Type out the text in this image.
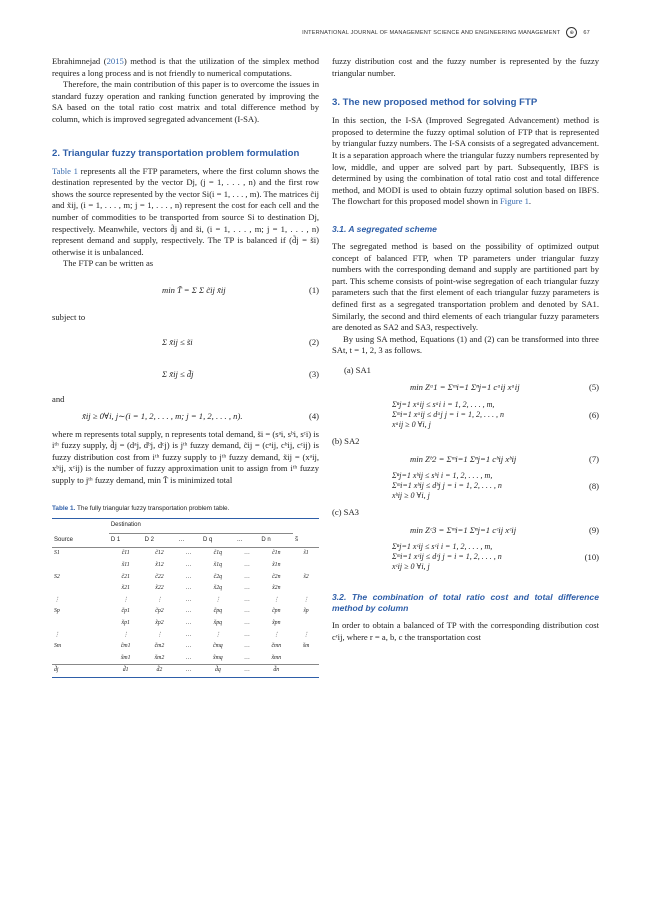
INTERNATIONAL JOURNAL OF MANAGEMENT SCIENCE AND ENGINEERING MANAGEMENT	⊕	67

Ebrahimnejad (2015) method is that the utilization of the simplex method requires a long process and is not friendly to numerical computations.

Therefore, the main contribution of this paper is to overcome the issues in standard fuzzy operation and ranking function generated by improving the SA based on the total ratio cost matrix and total difference method by column, which is improved segregated advancement (I-SA).

2. Triangular fuzzy transportation problem formulation

Table 1 represents all the FTP parameters, where the first column shows the destination represented by the vector Dj, (j = 1, . . . , n) and the first row shows the source represented by the vector Si(i = 1, . . . , m). The matrices c̃ij and x̃ij, (i = 1, . . . , m; j = 1, . . . , n) represent the cost for each cell and the number of commodities to be transported from source Si to destination Dj, respectively. Meanwhile, vectors d̃j and s̃i, (i = 1, . . . , m; j = 1, . . . , n) represent demand and supply, respectively. The TP is balanced if (d̃j = s̃i) otherwise it is unbalanced.

The FTP can be written as

min T̃ = Σ Σ c̃ij x̃ij	(1)

subject to

Σ x̃ij ≤ s̃i	(2)
Σ x̃ij ≤ d̃j	(3)

and

x̃ij ≥ 0∀i, j∼(i = 1, 2, . . . , m; j = 1, 2, . . . , n).	(4)

where m represents total supply, n represents total demand, s̃i = (sᵃi, sᵇi, sᶜi) is iᵗʰ fuzzy supply, d̃j = (dᵃj, dᵇj, dᶜj) is jᵗʰ fuzzy demand, c̃ij = (cᵃij, cᵇij, cᶜij) is fuzzy distribution cost from iᵗʰ fuzzy supply to jᵗʰ fuzzy demand, x̃ij = (xᵃij, xᵇij, xᶜij) is the number of fuzzy approximation unit to assign from iᵗʰ fuzzy supply to jᵗʰ fuzzy demand, min T̃ is minimized total

Table 1. The fully triangular fuzzy transportation problem table.
	Destination						
Source	D 1	D 2	…	D q	…	D n	s̃
S1	c̃11	c̃12	…	c̃1q	…	c̃1n	s̃1
	x̃11	x̃12	…	x̃1q	…	x̃1n	
S2	c̃21	c̃22	…	c̃2q	…	c̃2n	s̃2
	x̃21	x̃22	…	x̃2q	…	x̃2n	
⋮	⋮	⋮	…	⋮	…	⋮	⋮
Sp	c̃p1	c̃p2	…	c̃pq	…	c̃pn	s̃p
	x̃p1	x̃p2	…	x̃pq	…	x̃pn	
⋮	⋮	⋮	…	⋮	…	⋮	⋮
Sm	c̃m1	c̃m2	…	c̃mq	…	c̃mn	s̃m
	x̃m1	x̃m2	…	x̃mq	…	x̃mn	
d̃j	d̃1	d̃2	…	d̃q	…	d̃n	

fuzzy distribution cost and the fuzzy number is represented by the fuzzy triangular number.

3. The new proposed method for solving FTP

In this section, the I-SA (Improved Segregated Advancement) method is proposed to determine the fuzzy optimal solution of FTP that is represented by triangular fuzzy numbers. The I-SA consists of a segregated advancement. It is a separation approach where the triangular fuzzy numbers represented by low, middle, and upper are solved part by part. Subsequently, IBFS is determined by using the combination of total ratio cost and total difference method, and MODI is used to obtain fuzzy optimal solution based on IBFS. The flowchart for this proposed model shown in Figure 1.

3.1. A segregated scheme

The segregated method is based on the possibility of optimized output concept of balanced FTP, when TP parameters under triangular fuzzy numbers with the corresponding demand and supply are partitioned part by part. This scheme consists of point-wise segregation of each triangular fuzzy parameters such that the first element of each triangular fuzzy parameters is defined first as a segregated transportation problem and denoted by SA1. Similarly, the second and third elements of each triangular fuzzy parameters are denoted as SA2 and SA3, respectively.

By using SA method, Equations (1) and (2) can be transformed into three SAt, t = 1, 2, 3 as follows.

(a) SA1
min Zᵃ1 = Σᵐi=1 Σⁿj=1 cᵃij xᵃij	(5)
Σⁿj=1 xᵃij ≤ sᵃi i = 1, 2, . . . , m,
Σᵐi=1 xᵃij ≤ dᵃj j = i = 1, 2, . . . , n
xᵃij ≥ 0 ∀i, j
(6)
(b) SA2
min Zᵇ2 = Σᵐi=1 Σⁿj=1 cᵇij xᵇij	(7)
Σⁿj=1 xᵇij ≤ sᵇi i = 1, 2, . . . , m,
Σᵐi=1 xᵇij ≤ dᵇj j = i = 1, 2, . . . , n
xᵇij ≥ 0 ∀i, j
(8)
(c) SA3
min Zᶜ3 = Σᵐi=1 Σⁿj=1 cᶜij xᶜij	(9)
Σⁿj=1 xᶜij ≤ sᶜi i = 1, 2, . . . , m,
Σᵐi=1 xᶜij ≤ dᶜj j = i = 1, 2, . . . , n
xᶜij ≥ 0 ∀i, j
(10)
3.2. The combination of total ratio cost and total difference method by column

In order to obtain a balanced of TP with the corresponding distribution cost cʳij, where r = a, b, c the transportation cost
